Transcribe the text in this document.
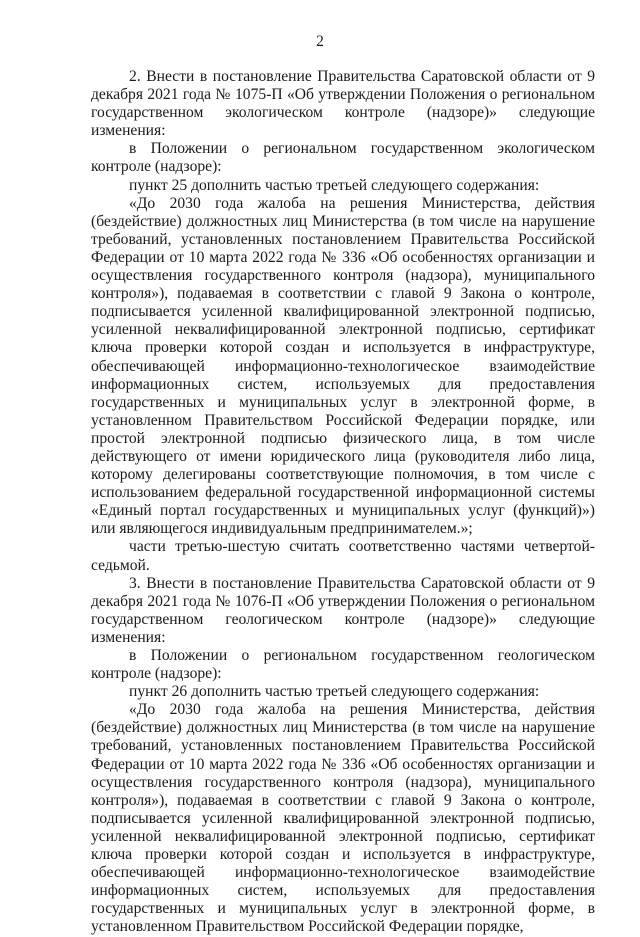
2

2. Внести в постановление Правительства Саратовской области от 9 декабря 2021 года № 1075-П «Об утверждении Положения о региональном государственном экологическом контроле (надзоре)» следующие изменения:

в Положении о региональном государственном экологическом контроле (надзоре):

пункт 25 дополнить частью третьей следующего содержания:

«До 2030 года жалоба на решения Министерства, действия (бездействие) должностных лиц Министерства (в том числе на нарушение требований, установленных постановлением Правительства Российской Федерации от 10 марта 2022 года № 336 «Об особенностях организации и осуществления государственного контроля (надзора), муниципального контроля»), подаваемая в соответствии с главой 9 Закона о контроле, подписывается усиленной квалифицированной электронной подписью, усиленной неквалифицированной электронной подписью, сертификат ключа проверки которой создан и используется в инфраструктуре, обеспечивающей информационно-технологическое взаимодействие информационных систем, используемых для предоставления государственных и муниципальных услуг в электронной форме, в установленном Правительством Российской Федерации порядке, или простой электронной подписью физического лица, в том числе действующего от имени юридического лица (руководителя либо лица, которому делегированы соответствующие полномочия, в том числе с использованием федеральной государственной информационной системы «Единый портал государственных и муниципальных услуг (функций)») или являющегося индивидуальным предпринимателем.»;

части третью-шестую считать соответственно частями четвертой-седьмой.

3. Внести в постановление Правительства Саратовской области от 9 декабря 2021 года № 1076-П «Об утверждении Положения о региональном государственном геологическом контроле (надзоре)» следующие изменения:

в Положении о региональном государственном геологическом контроле (надзоре):

пункт 26 дополнить частью третьей следующего содержания:

«До 2030 года жалоба на решения Министерства, действия (бездействие) должностных лиц Министерства (в том числе на нарушение требований, установленных постановлением Правительства Российской Федерации от 10 марта 2022 года № 336 «Об особенностях организации и осуществления государственного контроля (надзора), муниципального контроля»), подаваемая в соответствии с главой 9 Закона о контроле, подписывается усиленной квалифицированной электронной подписью, усиленной неквалифицированной электронной подписью, сертификат ключа проверки которой создан и используется в инфраструктуре, обеспечивающей информационно-технологическое взаимодействие информационных систем, используемых для предоставления государственных и муниципальных услуг в электронной форме, в установленном Правительством Российской Федерации порядке,
